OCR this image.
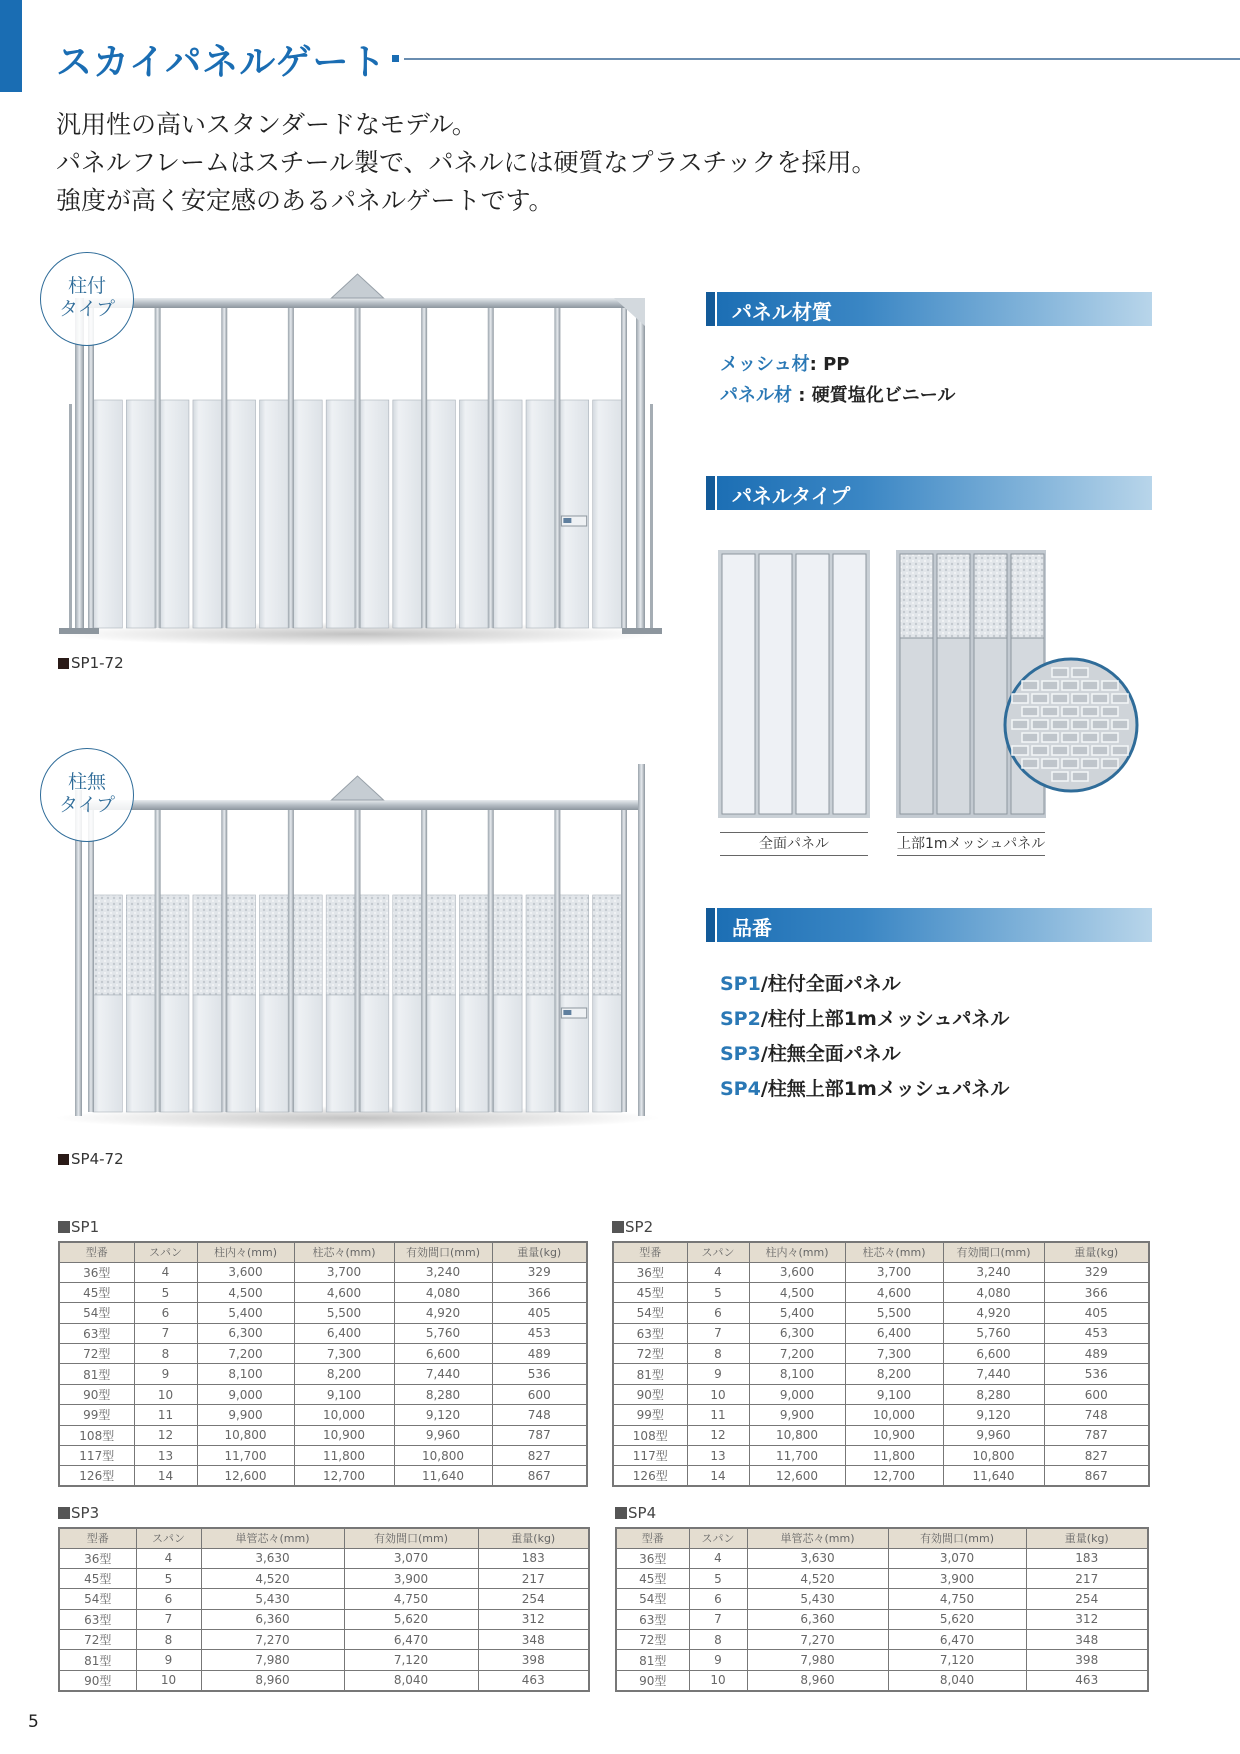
スカイパネルゲート
汎用性の高いスタンダードなモデル。
パネルフレームはスチール製で、パネルには硬質なプラスチックを採用。
強度が高く安定感のあるパネルゲートです。
柱付
タイプ
SP1-72
柱無
タイプ
SP4-72
パネル材質
メッシュ材: PP
パネル材 : 硬質塩化ビニール
パネルタイプ
全面パネル	上部1mメッシュパネル
品番
SP1/柱付全面パネル
SP2/柱付上部1mメッシュパネル
SP3/柱無全面パネル
SP4/柱無上部1mメッシュパネル
SP1
型番	スパン	柱内々(mm)	柱芯々(mm)	有効間口(mm)	重量(kg)
36型	4	3,600	3,700	3,240	329
45型	5	4,500	4,600	4,080	366
54型	6	5,400	5,500	4,920	405
63型	7	6,300	6,400	5,760	453
72型	8	7,200	7,300	6,600	489
81型	9	8,100	8,200	7,440	536
90型	10	9,000	9,100	8,280	600
99型	11	9,900	10,000	9,120	748
108型	12	10,800	10,900	9,960	787
117型	13	11,700	11,800	10,800	827
126型	14	12,600	12,700	11,640	867
SP2
型番	スパン	柱内々(mm)	柱芯々(mm)	有効間口(mm)	重量(kg)
36型	4	3,600	3,700	3,240	329
45型	5	4,500	4,600	4,080	366
54型	6	5,400	5,500	4,920	405
63型	7	6,300	6,400	5,760	453
72型	8	7,200	7,300	6,600	489
81型	9	8,100	8,200	7,440	536
90型	10	9,000	9,100	8,280	600
99型	11	9,900	10,000	9,120	748
108型	12	10,800	10,900	9,960	787
117型	13	11,700	11,800	10,800	827
126型	14	12,600	12,700	11,640	867
SP3
型番	スパン	単管芯々(mm)	有効間口(mm)	重量(kg)
36型	4	3,630	3,070	183
45型	5	4,520	3,900	217
54型	6	5,430	4,750	254
63型	7	6,360	5,620	312
72型	8	7,270	6,470	348
81型	9	7,980	7,120	398
90型	10	8,960	8,040	463
SP4
型番	スパン	単管芯々(mm)	有効間口(mm)	重量(kg)
36型	4	3,630	3,070	183
45型	5	4,520	3,900	217
54型	6	5,430	4,750	254
63型	7	6,360	5,620	312
72型	8	7,270	6,470	348
81型	9	7,980	7,120	398
90型	10	8,960	8,040	463
5
